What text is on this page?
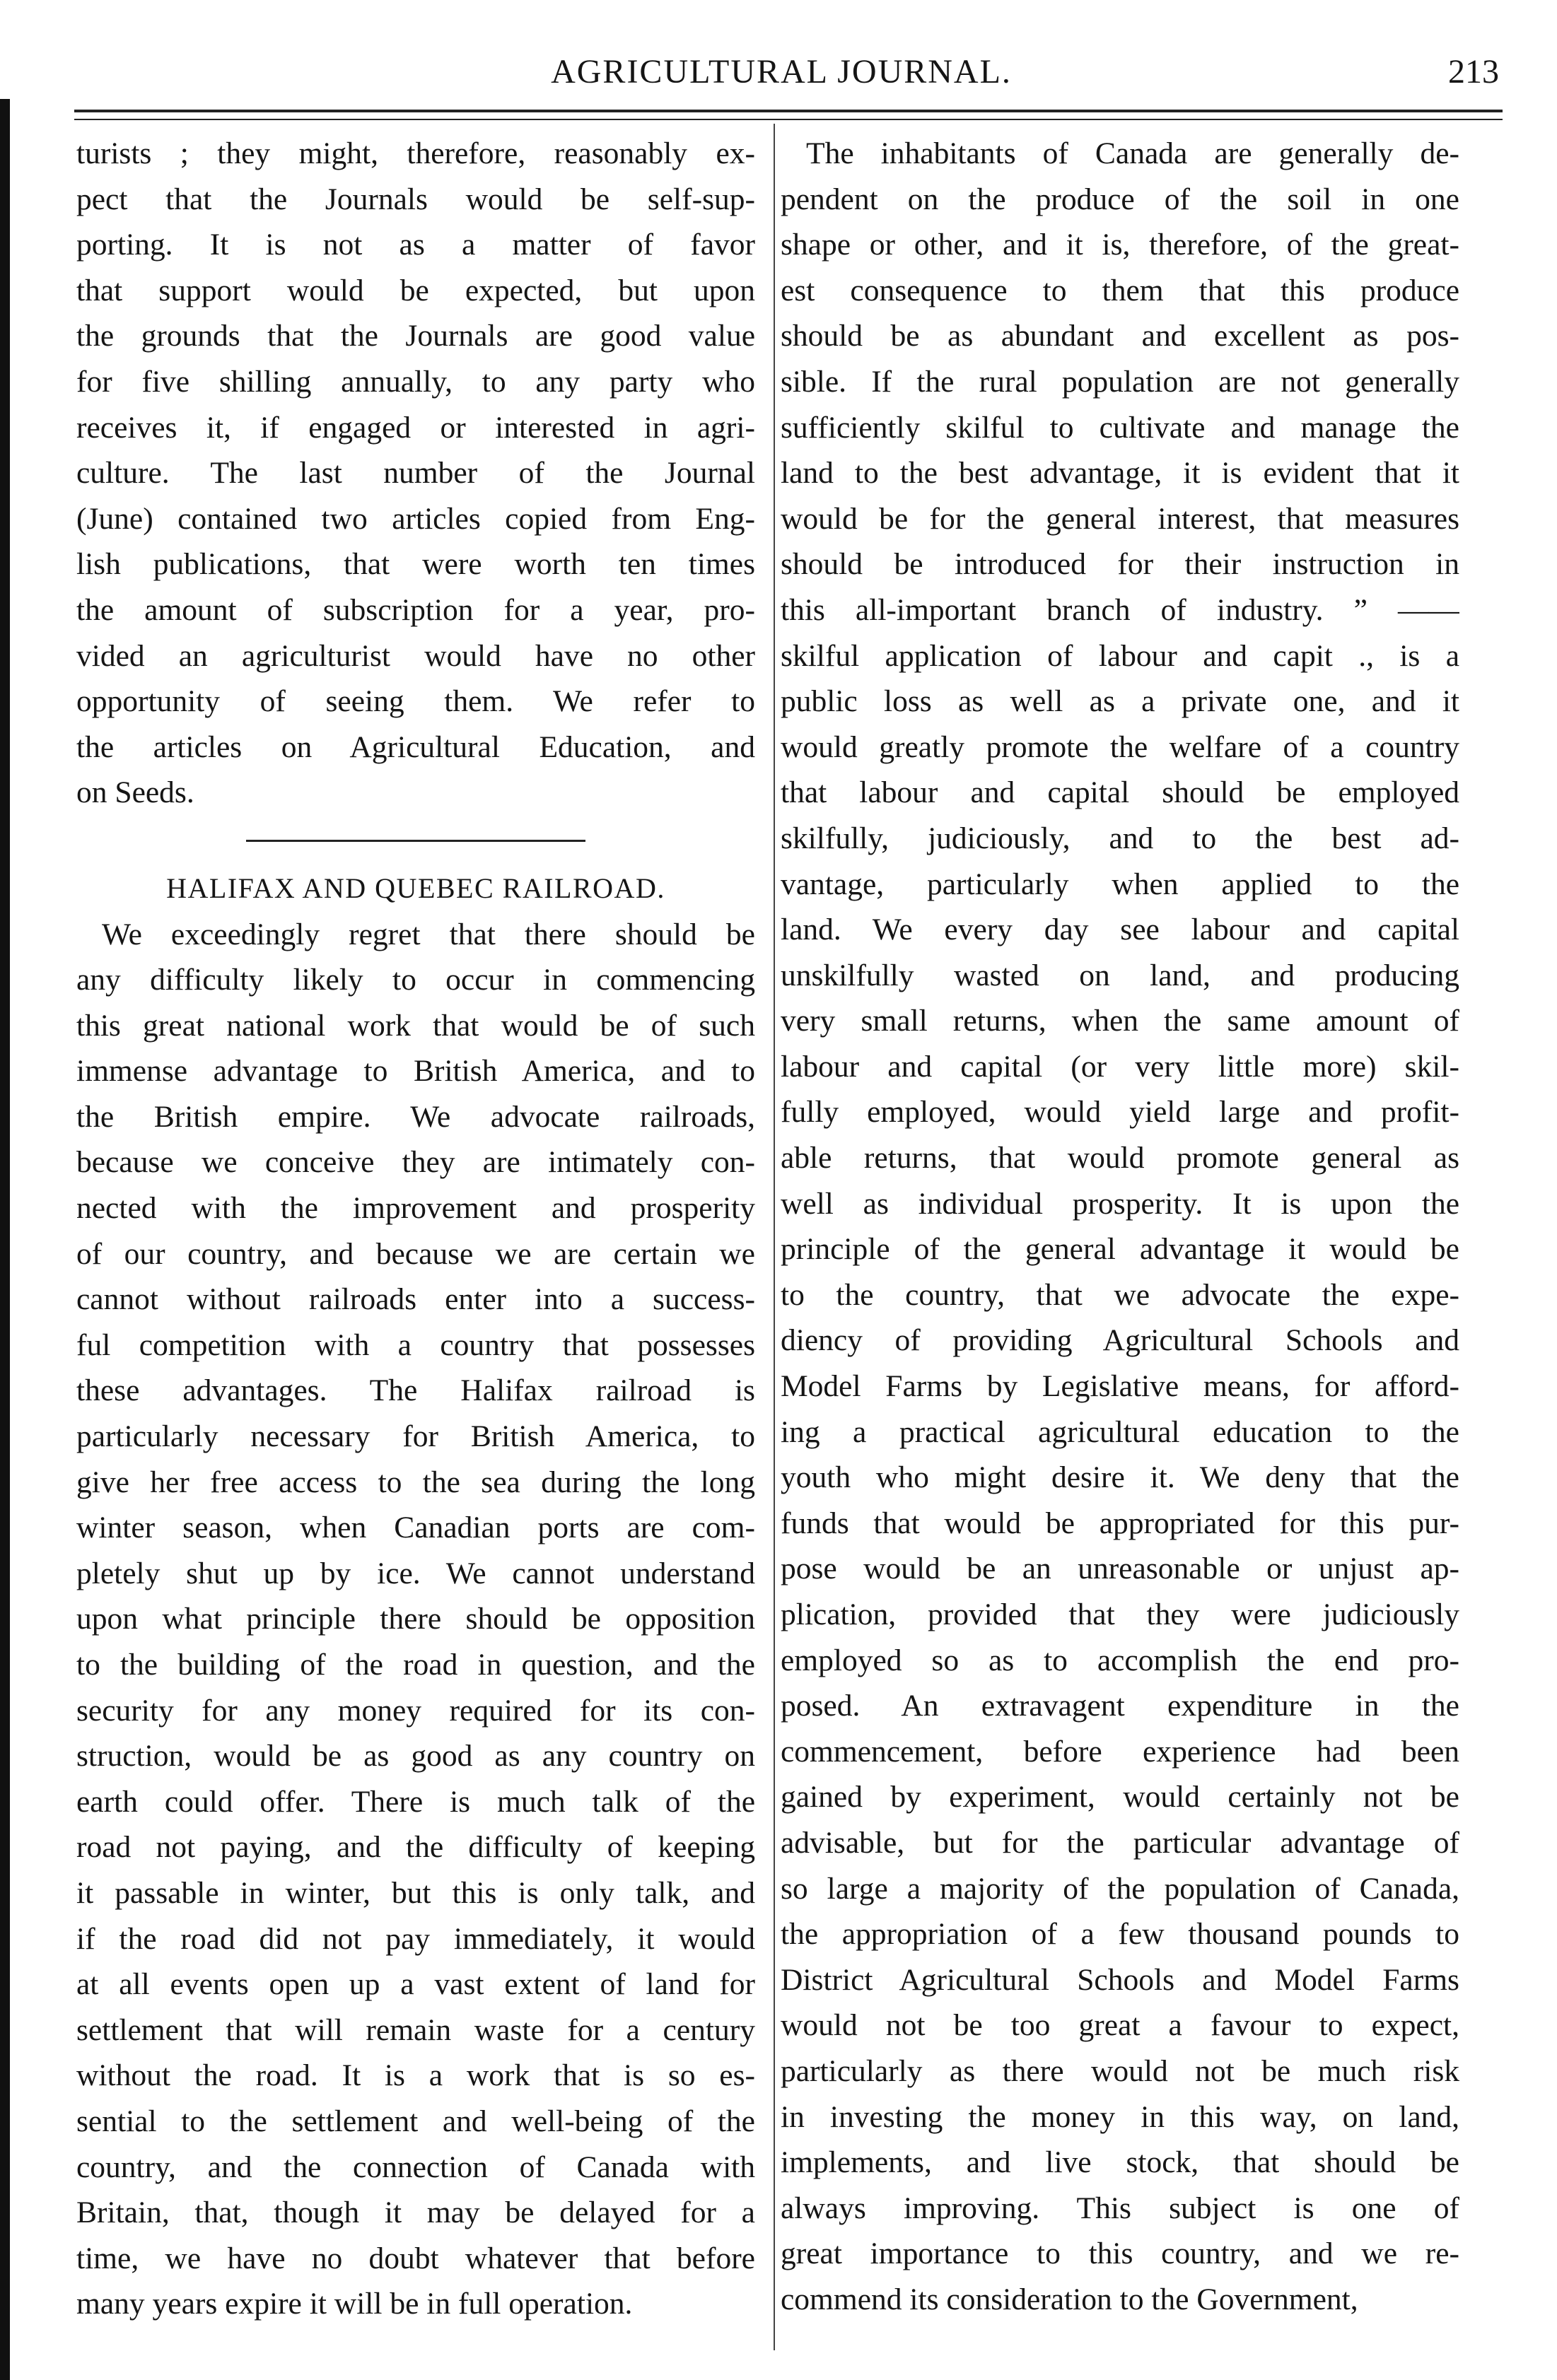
AGRICULTURAL JOURNAL.	213
turists ; they might, therefore, reasonably ex-
pect that the Journals would be self-sup-
porting. It is not as a matter of favor
that support would be expected, but upon
the grounds that the Journals are good value
for five shilling annually, to any party who
receives it, if engaged or interested in agri-
culture. The last number of the Journal
(June) contained two articles copied from Eng-
lish publications, that were worth ten times
the amount of subscription for a year, pro-
vided an agriculturist would have no other
opportunity of seeing them. We refer to
the articles on Agricultural Education, and
on Seeds.
HALIFAX AND QUEBEC RAILROAD.
We exceedingly regret that there should be
any difficulty likely to occur in commencing
this great national work that would be of such
immense advantage to British America, and to
the British empire. We advocate railroads,
because we conceive they are intimately con-
nected with the improvement and prosperity
of our country, and because we are certain we
cannot without railroads enter into a success-
ful competition with a country that possesses
these advantages. The Halifax railroad is
particularly necessary for British America, to
give her free access to the sea during the long
winter season, when Canadian ports are com-
pletely shut up by ice. We cannot understand
upon what principle there should be opposition
to the building of the road in question, and the
security for any money required for its con-
struction, would be as good as any country on
earth could offer. There is much talk of the
road not paying, and the difficulty of keeping
it passable in winter, but this is only talk, and
if the road did not pay immediately, it would
at all events open up a vast extent of land for
settlement that will remain waste for a century
without the road. It is a work that is so es-
sential to the settlement and well-being of the
country, and the connection of Canada with
Britain, that, though it may be delayed for a
time, we have no doubt whatever that before
many years expire it will be in full operation.
The inhabitants of Canada are generally de-
pendent on the produce of the soil in one
shape or other, and it is, therefore, of the great-
est consequence to them that this produce
should be as abundant and excellent as pos-
sible. If the rural population are not generally
sufficiently skilful to cultivate and manage the
land to the best advantage, it is evident that it
would be for the general interest, that measures
should be introduced for their instruction in
this all-important branch of industry. ” ——
skilful application of labour and capit ., is a
public loss as well as a private one, and it
would greatly promote the welfare of a country
that labour and capital should be employed
skilfully, judiciously, and to the best ad-
vantage, particularly when applied to the
land. We every day see labour and capital
unskilfully wasted on land, and producing
very small returns, when the same amount of
labour and capital (or very little more) skil-
fully employed, would yield large and profit-
able returns, that would promote general as
well as individual prosperity. It is upon the
principle of the general advantage it would be
to the country, that we advocate the expe-
diency of providing Agricultural Schools and
Model Farms by Legislative means, for afford-
ing a practical agricultural education to the
youth who might desire it. We deny that the
funds that would be appropriated for this pur-
pose would be an unreasonable or unjust ap-
plication, provided that they were judiciously
employed so as to accomplish the end pro-
posed. An extravagent expenditure in the
commencement, before experience had been
gained by experiment, would certainly not be
advisable, but for the particular advantage of
so large a majority of the population of Canada,
the appropriation of a few thousand pounds to
District Agricultural Schools and Model Farms
would not be too great a favour to expect,
particularly as there would not be much risk
in investing the money in this way, on land,
implements, and live stock, that should be
always improving. This subject is one of
great importance to this country, and we re-
commend its consideration to the Government,
